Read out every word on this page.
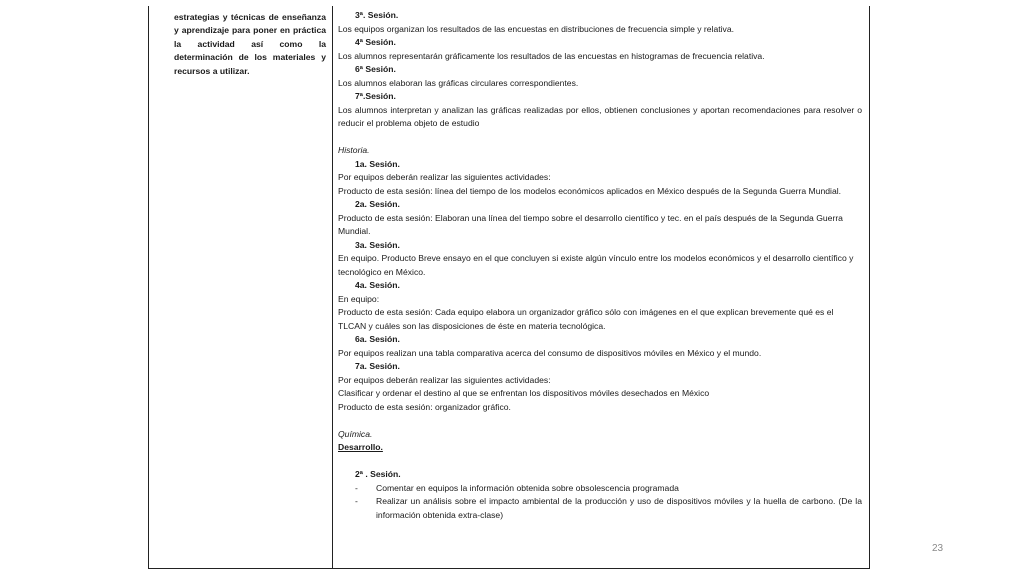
estrategias y técnicas de enseñanza y aprendizaje para poner en práctica la actividad así como la determinación de los materiales y recursos a utilizar.
3ª. Sesión.
Los equipos organizan los resultados de las encuestas en distribuciones de frecuencia simple y relativa.
4ª Sesión.
Los alumnos representarán gráficamente los resultados de las encuestas en histogramas de frecuencia relativa.
6ª Sesión.
Los alumnos elaboran las gráficas circulares correspondientes.
7ª.Sesión.
Los alumnos interpretan y analizan las gráficas realizadas por ellos, obtienen conclusiones y aportan recomendaciones para resolver o reducir el problema objeto de estudio
Historia.
1a. Sesión.
Por equipos deberán realizar las siguientes actividades:
Producto de esta sesión: línea del tiempo de los modelos económicos aplicados en México después de la Segunda Guerra Mundial.
2a. Sesión.
Producto de esta sesión: Elaboran una línea del tiempo sobre el desarrollo científico y tec. en el país después de la Segunda Guerra Mundial.
3a. Sesión.
En equipo. Producto Breve ensayo en el que concluyen si existe algún vínculo entre los modelos económicos y el desarrollo científico y tecnológico en México.
4a. Sesión.
En equipo:
Producto de esta sesión: Cada equipo elabora un organizador gráfico sólo con imágenes en el que explican brevemente qué es el TLCAN y cuáles son las disposiciones de éste en materia tecnológica.
6a. Sesión.
Por equipos realizan una tabla comparativa acerca del consumo de dispositivos móviles en México y el mundo.
7a. Sesión.
Por equipos deberán realizar las siguientes actividades:
Clasificar y ordenar el destino al que se enfrentan los dispositivos móviles desechados en México
Producto de esta sesión: organizador gráfico.
Química.
Desarrollo.
2ª . Sesión.
-	Comentar en equipos la información obtenida sobre obsolescencia programada
-	Realizar un análisis sobre el impacto ambiental de la producción y uso de dispositivos móviles y la huella de carbono. (De la información obtenida extra-clase)
23
